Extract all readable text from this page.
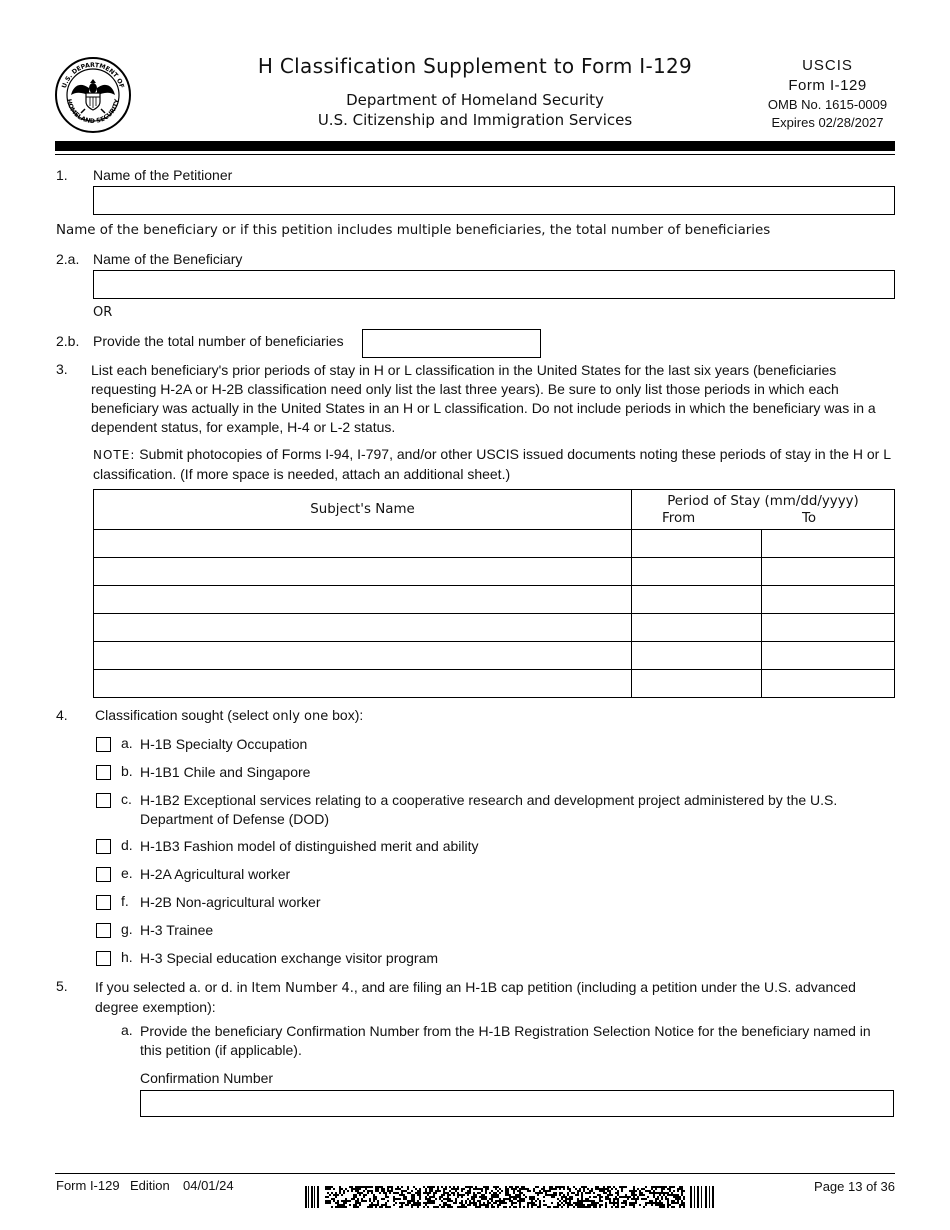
U.S. DEPARTMENT OF
HOMELAND SECURITY
H Classification Supplement to Form I-129
Department of Homeland Security
U.S. Citizenship and Immigration Services
USCIS
Form I-129
OMB No. 1615-0009
Expires 02/28/2027
1. Name of the Petitioner
Name of the beneficiary or if this petition includes multiple beneficiaries, the total number of beneficiaries
2.a. Name of the Beneficiary
OR
2.b. Provide the total number of beneficiaries
3. List each beneficiary's prior periods of stay in H or L classification in the United States for the last six years (beneficiaries requesting H-2A or H-2B classification need only list the last three years). Be sure to only list those periods in which each beneficiary was actually in the United States in an H or L classification. Do not include periods in which the beneficiary was in a dependent status, for example, H-4 or L-2 status.
NOTE: Submit photocopies of Forms I-94, I-797, and/or other USCIS issued documents noting these periods of stay in the H or L classification. (If more space is needed, attach an additional sheet.)
Subject's Name	Period of Stay (mm/dd/yyyy)
From To	

4. Classification sought (select only one box):
a. H-1B Specialty Occupation
b. H-1B1 Chile and Singapore
c. H-1B2 Exceptional services relating to a cooperative research and development project administered by the U.S. Department of Defense (DOD)
d. H-1B3 Fashion model of distinguished merit and ability
e. H-2A Agricultural worker
f. H-2B Non-agricultural worker
g. H-3 Trainee
h. H-3 Special education exchange visitor program
5. If you selected a. or d. in Item Number 4., and are filing an H-1B cap petition (including a petition under the U.S. advanced degree exemption):
a. Provide the beneficiary Confirmation Number from the H-1B Registration Selection Notice for the beneficiary named in this petition (if applicable).
Confirmation Number
Form I-129 Edition 04/01/24	Page 13 of 36
